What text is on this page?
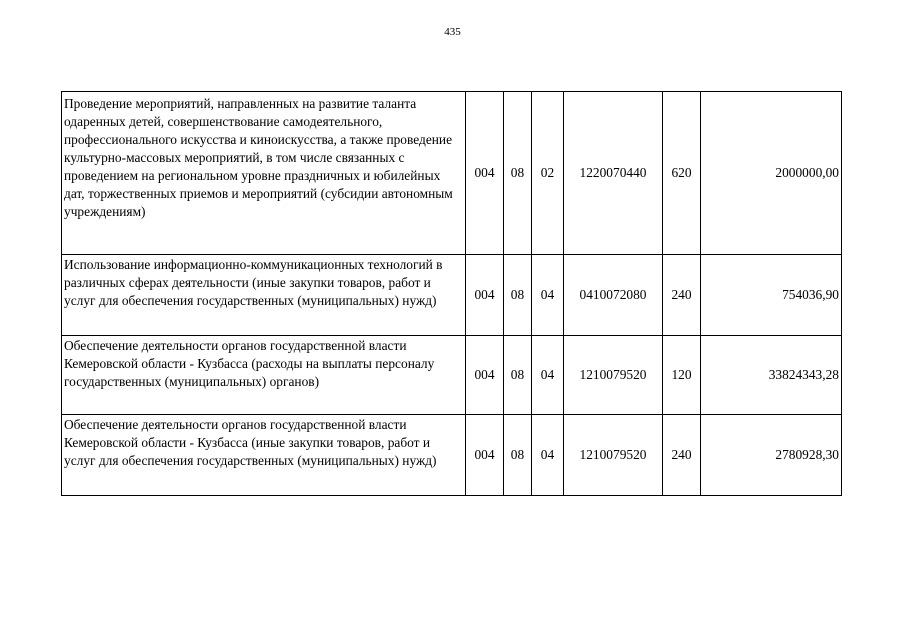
435
Проведение мероприятий, направленных на развитие таланта одаренных детей, совершенствование самодеятельного, профессионального искусства и киноискусства, а также проведение культурно-массовых мероприятий, в том числе связанных с проведением на региональном уровне праздничных и юбилейных дат, торжественных приемов и мероприятий (субсидии автономным учреждениям)	004	08	02	1220070440	620	2000000,00
Использование информационно-коммуникационных технологий в различных сферах деятельности (иные закупки товаров, работ и услуг для обеспечения государственных (муниципальных) нужд)	004	08	04	0410072080	240	754036,90
Обеспечение деятельности органов государственной власти Кемеровской области - Кузбасса (расходы на выплаты персоналу государственных (муниципальных) органов)	004	08	04	1210079520	120	33824343,28
Обеспечение деятельности органов государственной власти Кемеровской области - Кузбасса (иные закупки товаров, работ и услуг для обеспечения государственных (муниципальных) нужд)	004	08	04	1210079520	240	2780928,30
